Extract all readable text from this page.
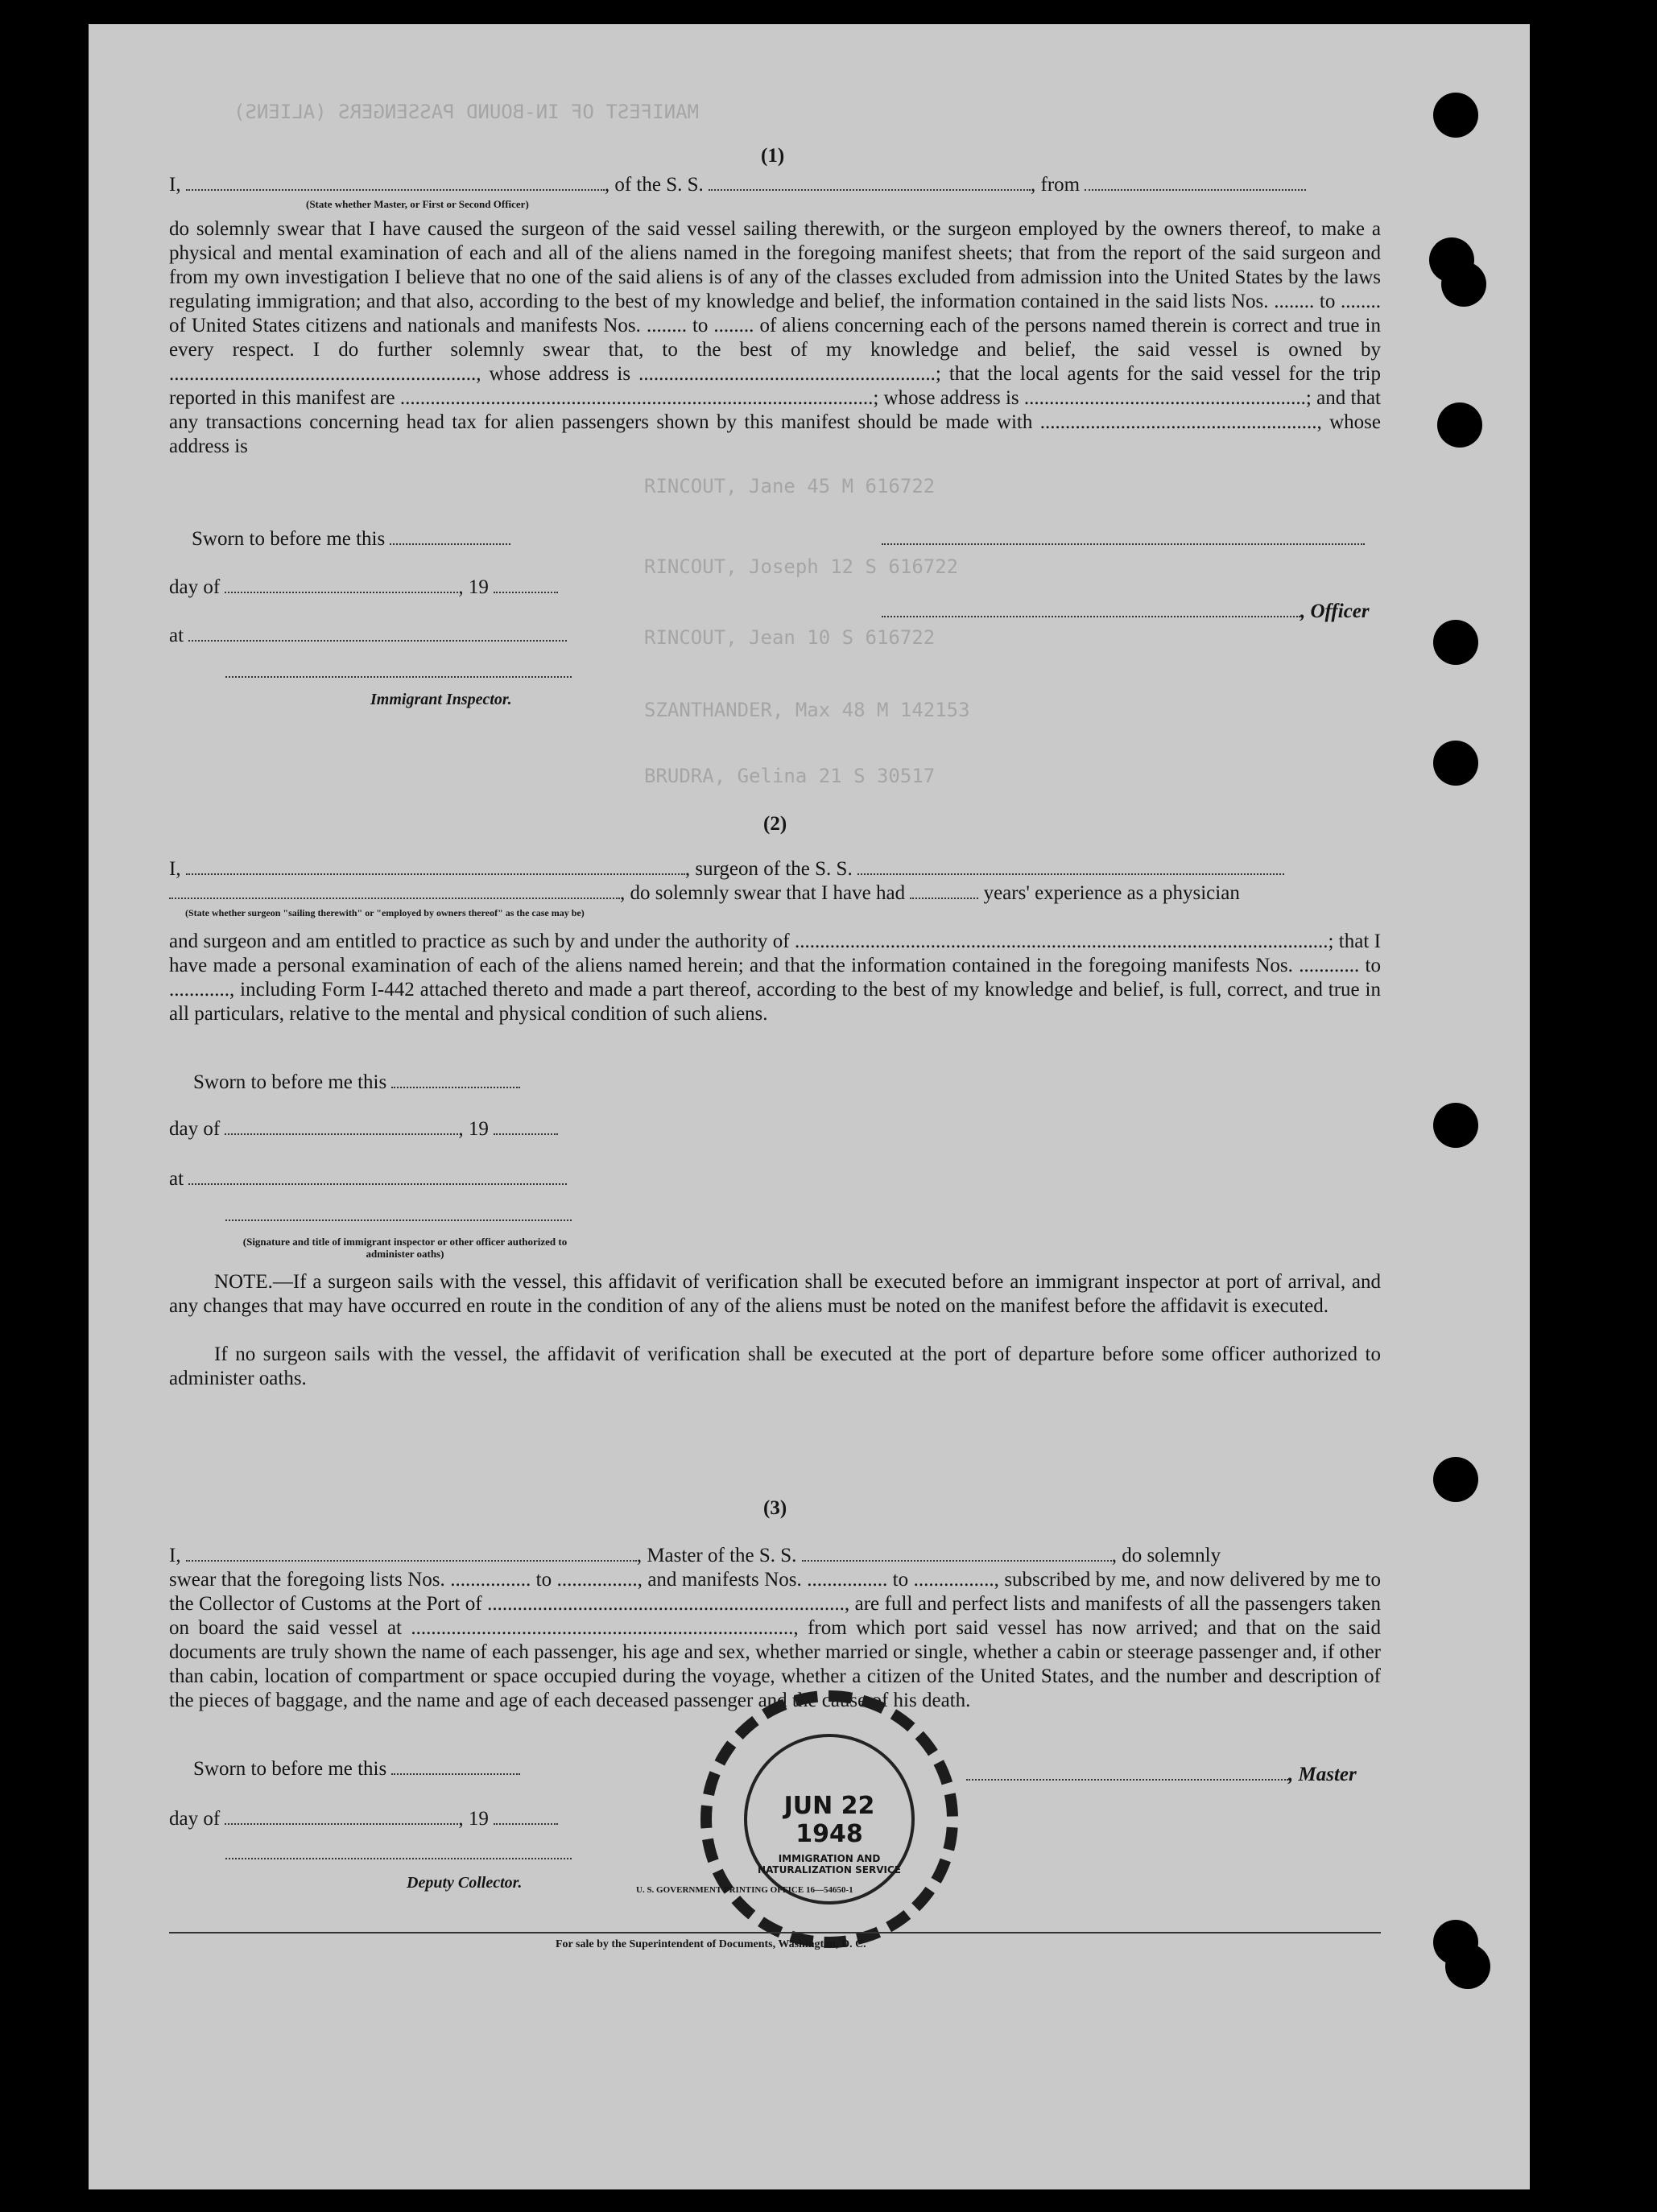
MANIFEST OF IN-BOUND PASSENGERS (ALIENS)
RINCOUT, Jane 45 M 616722
RINCOUT, Joseph 12 S 616722
RINCOUT, Jean 10 S 616722
SZANTHANDER, Max 48 M 142153
BRUDRA, Gelina 21 S 30517
(1)
I,	, of the S. S.	, from
(State whether Master, or First or Second Officer)
do solemnly swear that I have caused the surgeon of the said vessel sailing therewith, or the surgeon employed by the owners thereof, to make a physical and mental examination of each and all of the aliens named in the foregoing manifest sheets; that from the report of the said surgeon and from my own investigation I believe that no one of the said aliens is of any of the classes excluded from admission into the United States by the laws regulating immigration; and that also, according to the best of my knowledge and belief, the information contained in the said lists Nos. ........ to ........ of United States citizens and nationals and manifests Nos. ........ to ........ of aliens concerning each of the persons named therein is correct and true in every respect. I do further solemnly swear that, to the best of my knowledge and belief, the said vessel is owned by ............................................................., whose address is ...........................................................; that the local agents for the said vessel for the trip reported in this manifest are ..............................................................................................; whose address is ........................................................; and that any transactions concerning head tax for alien passengers shown by this manifest should be made with ......................................................., whose address is
Sworn to before me this
day of	, 19
, Officer
at
Immigrant Inspector.
(2)
I,	, surgeon of the S. S.
, do solemnly swear that I have had	years' experience as a physician
(State whether surgeon "sailing therewith" or "employed by owners thereof" as the case may be)
and surgeon and am entitled to practice as such by and under the authority of ..........................................................................................................; that I have made a personal examination of each of the aliens named herein; and that the information contained in the foregoing manifests Nos. ............ to ............, including Form I-442 attached thereto and made a part thereof, according to the best of my knowledge and belief, is full, correct, and true in all particulars, relative to the mental and physical condition of such aliens.
Sworn to before me this
day of	, 19
at
(Signature and title of immigrant inspector or other officer authorized to administer oaths)
NOTE.—If a surgeon sails with the vessel, this affidavit of verification shall be executed before an immigrant inspector at port of arrival, and any changes that may have occurred en route in the condition of any of the aliens must be noted on the manifest before the affidavit is executed.
If no surgeon sails with the vessel, the affidavit of verification shall be executed at the port of departure before some officer authorized to administer oaths.
(3)
I,	, Master of the S. S.	, do solemnly
swear that the foregoing lists Nos. ................ to ................, and manifests Nos. ................ to ................, subscribed by me, and now delivered by me to the Collector of Customs at the Port of ......................................................................., are full and perfect lists and manifests of all the passengers taken on board the said vessel at ............................................................................, from which port said vessel has now arrived; and that on the said documents are truly shown the name of each passenger, his age and sex, whether married or single, whether a cabin or steerage passenger and, if other than cabin, location of compartment or space occupied during the voyage, whether a citizen of the United States, and the number and description of the pieces of baggage, and the name and age of each deceased passenger and the cause of his death.
Sworn to before me this	, Master
day of	, 19
Deputy Collector.
JUN 22 1948
IMMIGRATION AND NATURALIZATION SERVICE
U. S. GOVERNMENT PRINTING OFFICE 16—54650-1
For sale by the Superintendent of Documents, Washington, D. C.
